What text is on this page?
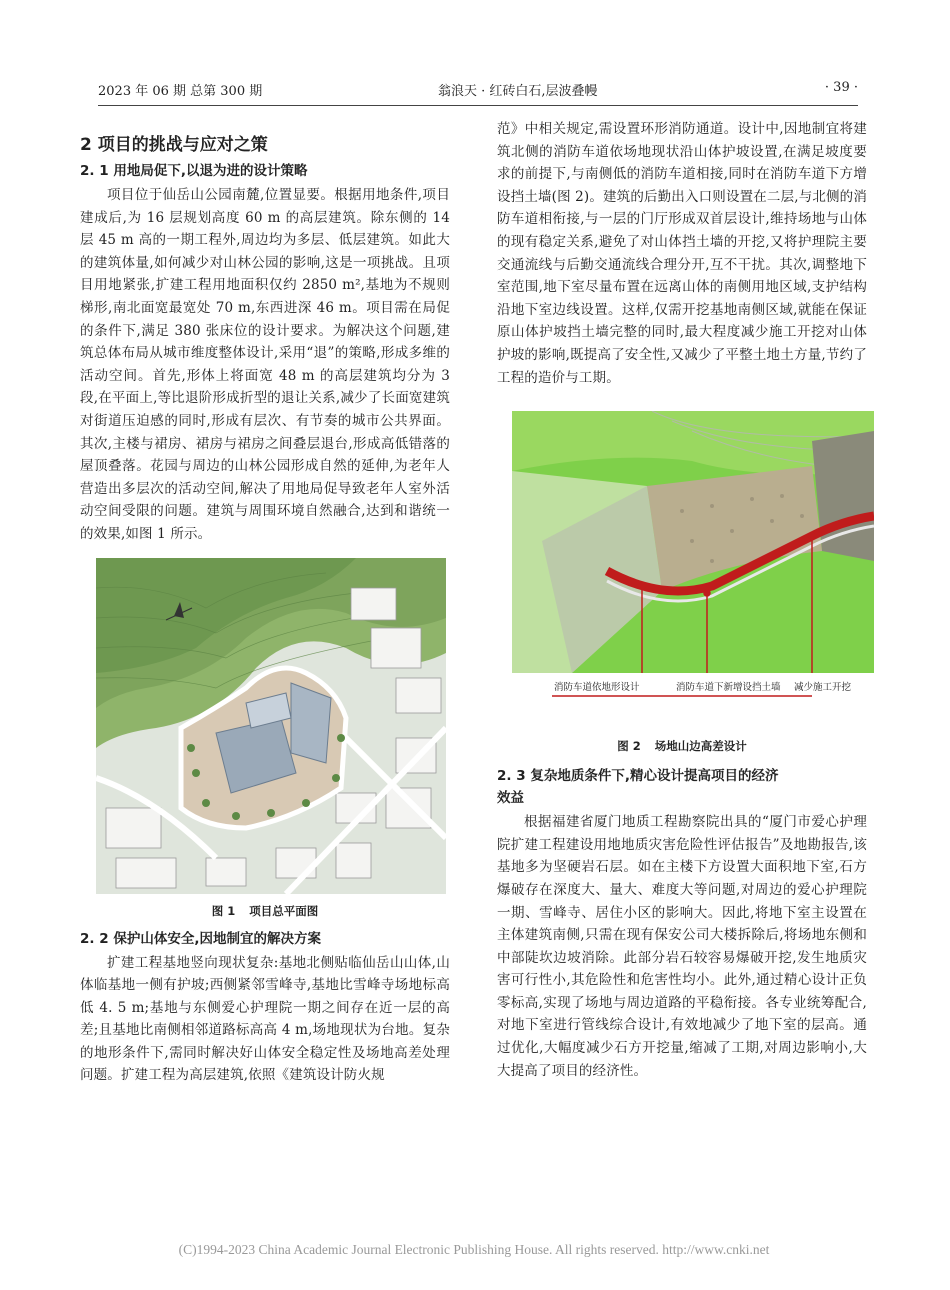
2023 年 06 期 总第 300 期	翁浪天 · 红砖白石,层波叠幔	· 39 ·
2 项目的挑战与应对之策
2. 1 用地局促下,以退为进的设计策略

项目位于仙岳山公园南麓,位置显要。根据用地条件,项目建成后,为 16 层规划高度 60 m 的高层建筑。除东侧的 14 层 45 m 高的一期工程外,周边均为多层、低层建筑。如此大的建筑体量,如何减少对山林公园的影响,这是一项挑战。且项目用地紧张,扩建工程用地面积仅约 2850 m²,基地为不规则梯形,南北面宽最宽处 70 m,东西进深 46 m。项目需在局促的条件下,满足 380 张床位的设计要求。为解决这个问题,建筑总体布局从城市维度整体设计,采用“退”的策略,形成多维的活动空间。首先,形体上将面宽 48 m 的高层建筑均分为 3 段,在平面上,等比退阶形成折型的退让关系,减少了长面宽建筑对街道压迫感的同时,形成有层次、有节奏的城市公共界面。其次,主楼与裙房、裙房与裙房之间叠层退台,形成高低错落的屋顶叠落。花园与周边的山林公园形成自然的延伸,为老年人营造出多层次的活动空间,解决了用地局促导致老年人室外活动空间受限的问题。建筑与周围环境自然融合,达到和谐统一的效果,如图 1 所示。

图 1 项目总平面图
2. 2 保护山体安全,因地制宜的解决方案

扩建工程基地竖向现状复杂:基地北侧贴临仙岳山山体,山体临基地一侧有护坡;西侧紧邻雪峰寺,基地比雪峰寺场地标高低 4. 5 m;基地与东侧爱心护理院一期之间存在近一层的高差;且基地比南侧相邻道路标高高 4 m,场地现状为台地。复杂的地形条件下,需同时解决好山体安全稳定性及场地高差处理问题。扩建工程为高层建筑,依照《建筑设计防火规

范》中相关规定,需设置环形消防通道。设计中,因地制宜将建筑北侧的消防车道依场地现状沿山体护坡设置,在满足坡度要求的前提下,与南侧低的消防车道相接,同时在消防车道下方增设挡土墙(图 2)。建筑的后勤出入口则设置在二层,与北侧的消防车道相衔接,与一层的门厅形成双首层设计,维持场地与山体的现有稳定关系,避免了对山体挡土墙的开挖,又将护理院主要交通流线与后勤交通流线合理分开,互不干扰。其次,调整地下室范围,地下室尽量布置在远离山体的南侧用地区域,支护结构沿地下室边线设置。这样,仅需开挖基地南侧区域,就能在保证原山体护坡挡土墙完整的同时,最大程度减少施工开挖对山体护坡的影响,既提高了安全性,又减少了平整土地土方量,节约了工程的造价与工期。

消防车道依地形设计	消防车道下新增设挡土墙 减少施工开挖
图 2 场地山边高差设计
2. 3 复杂地质条件下,精心设计提高项目的经济
效益

根据福建省厦门地质工程勘察院出具的“厦门市爱心护理院扩建工程建设用地地质灾害危险性评估报告”及地勘报告,该基地多为坚硬岩石层。如在主楼下方设置大面积地下室,石方爆破存在深度大、量大、难度大等问题,对周边的爱心护理院一期、雪峰寺、居住小区的影响大。因此,将地下室主设置在主体建筑南侧,只需在现有保安公司大楼拆除后,将场地东侧和中部陡坎边坡消除。此部分岩石较容易爆破开挖,发生地质灾害可行性小,其危险性和危害性均小。此外,通过精心设计正负零标高,实现了场地与周边道路的平稳衔接。各专业统筹配合,对地下室进行管线综合设计,有效地减少了地下室的层高。通过优化,大幅度减少石方开挖量,缩减了工期,对周边影响小,大大提高了项目的经济性。

(C)1994-2023 China Academic Journal Electronic Publishing House. All rights reserved. http://www.cnki.net
